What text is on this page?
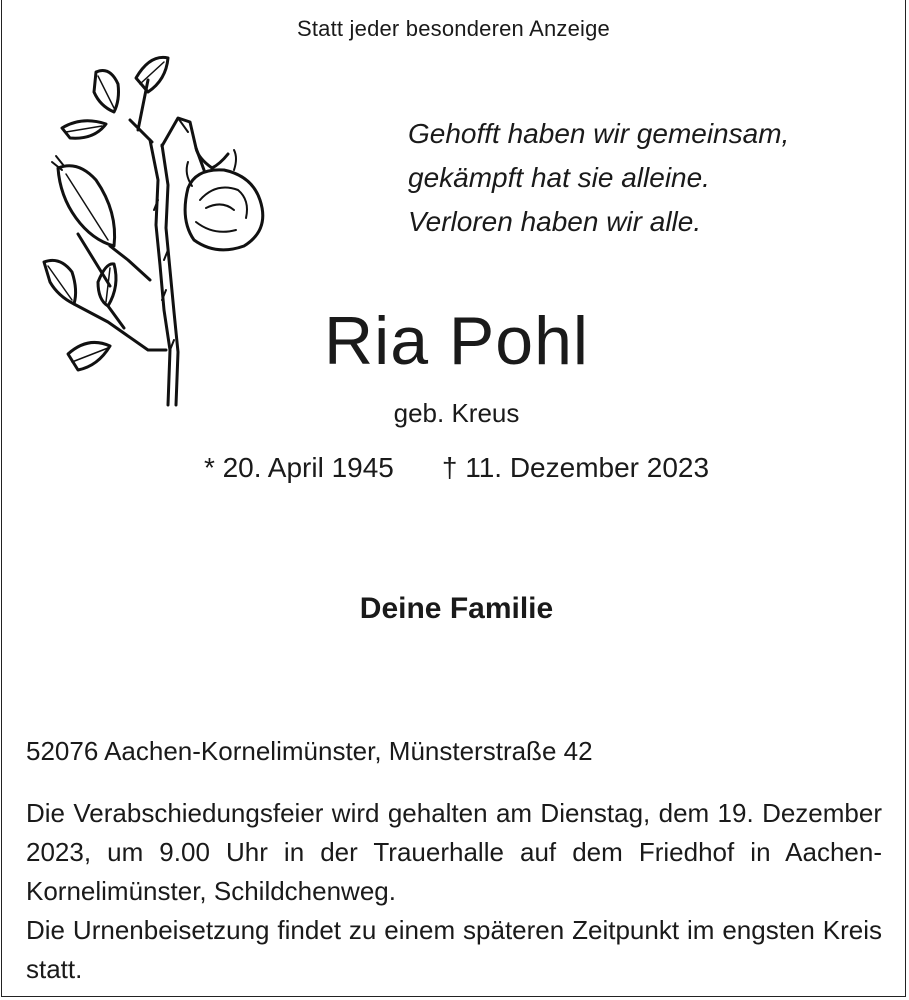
Statt jeder besonderen Anzeige
Gehofft haben wir gemeinsam,
gekämpft hat sie alleine.
Verloren haben wir alle.
Ria Pohl
geb. Kreus
* 20. April 1945 † 11. Dezember 2023
Deine Familie
52076 Aachen-Kornelimünster, Münsterstraße 42

Die Verabschiedungsfeier wird gehalten am Dienstag, dem 19. Dezember 2023, um 9.00 Uhr in der Trauerhalle auf dem Friedhof in Aachen-Kornelimünster, Schildchenweg.

Die Urnenbeisetzung findet zu einem späteren Zeitpunkt im engsten Kreis statt.
